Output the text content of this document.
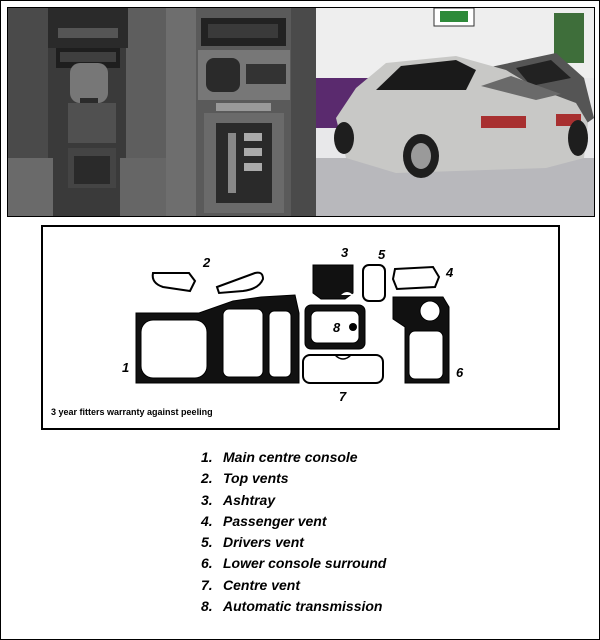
1
2
3
4
5
6
7
8
3 year fitters warranty against peeling
1. Main centre console
2. Top vents
3. Ashtray
4. Passenger vent
5. Drivers vent
6. Lower console surround
7. Centre vent
8. Automatic transmission
